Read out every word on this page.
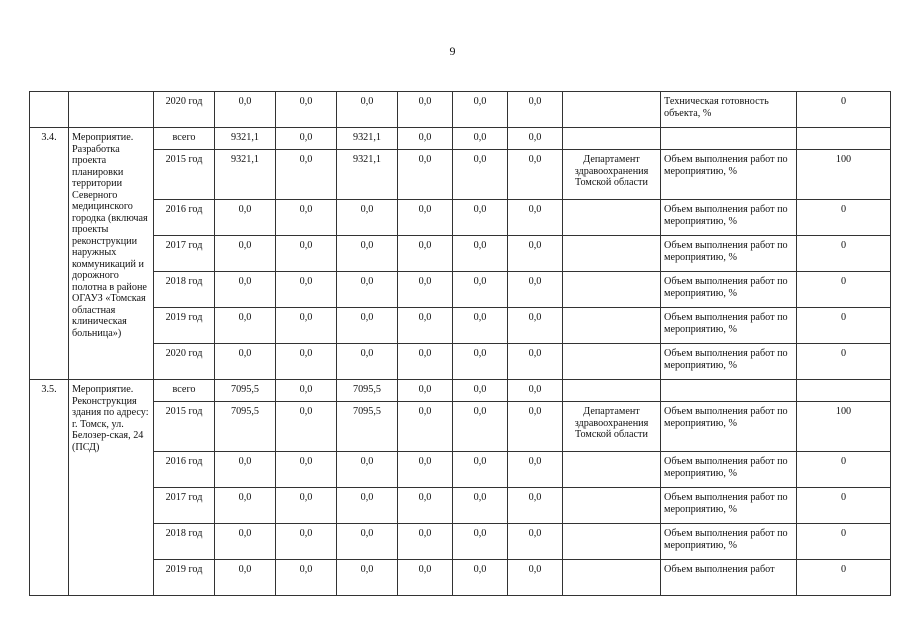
9
		2020 год	0,0	0,0	0,0	0,0	0,0	0,0		Техническая готовность объекта, %	0
3.4.	Мероприятие. Разработка проекта планировки территории Северного медицинского городка (включая проекты реконструкции наружных коммуникаций и дорожного полотна в районе ОГАУЗ «Томская областная клиническая больница»)	всего	9321,1	0,0	9321,1	0,0	0,0	0,0			
		2015 год	9321,1	0,0	9321,1	0,0	0,0	0,0	Департамент здравоохранения Томской области	Объем выполнения работ по мероприятию, %	100
		2016 год	0,0	0,0	0,0	0,0	0,0	0,0		Объем выполнения работ по мероприятию, %	0
		2017 год	0,0	0,0	0,0	0,0	0,0	0,0		Объем выполнения работ по мероприятию, %	0
		2018 год	0,0	0,0	0,0	0,0	0,0	0,0		Объем выполнения работ по мероприятию, %	0
		2019 год	0,0	0,0	0,0	0,0	0,0	0,0		Объем выполнения работ по мероприятию, %	0
		2020 год	0,0	0,0	0,0	0,0	0,0	0,0		Объем выполнения работ по мероприятию, %	0
3.5.	Мероприятие. Реконструкция здания по адресу: г. Томск, ул. Белозер-ская, 24 (ПСД)	всего	7095,5	0,0	7095,5	0,0	0,0	0,0			
		2015 год	7095,5	0,0	7095,5	0,0	0,0	0,0	Департамент здравоохранения Томской области	Объем выполнения работ по мероприятию, %	100
		2016 год	0,0	0,0	0,0	0,0	0,0	0,0		Объем выполнения работ по мероприятию, %	0
		2017 год	0,0	0,0	0,0	0,0	0,0	0,0		Объем выполнения работ по мероприятию, %	0
		2018 год	0,0	0,0	0,0	0,0	0,0	0,0		Объем выполнения работ по мероприятию, %	0
		2019 год	0,0	0,0	0,0	0,0	0,0	0,0		Объем выполнения работ	0
